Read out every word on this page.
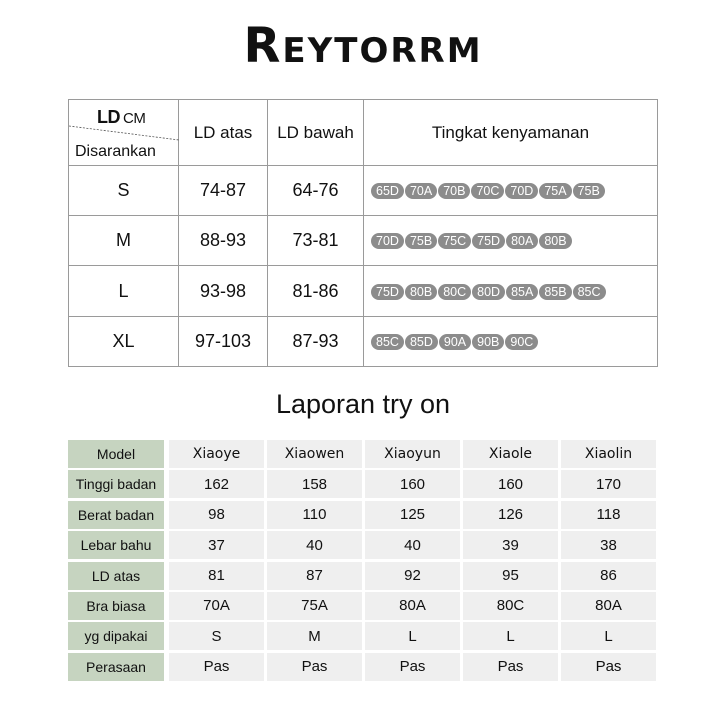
REYTORRM
LD CM
Disarankan	LD atas	LD bawah	Tingkat kenyamanan
S	74-87	64-76	65D 70A 70B 70C 70D 75A 75B
M	88-93	73-81	70D 75B 75C 75D 80A 80B
L	93-98	81-86	75D 80B 80C 80D 85A 85B 85C
XL	97-103	87-93	85C 85D 90A 90B 90C
Laporan try on
Model	Xiaoye	Xiaowen	Xiaoyun	Xiaole	Xiaolin
Tinggi badan	162	158	160	160	170
Berat badan	98	110	125	126	118
Lebar bahu	37	40	40	39	38
LD atas	81	87	92	95	86
Bra biasa	70A	75A	80A	80C	80A
yg dipakai	S	M	L	L	L
Perasaan	Pas	Pas	Pas	Pas	Pas
